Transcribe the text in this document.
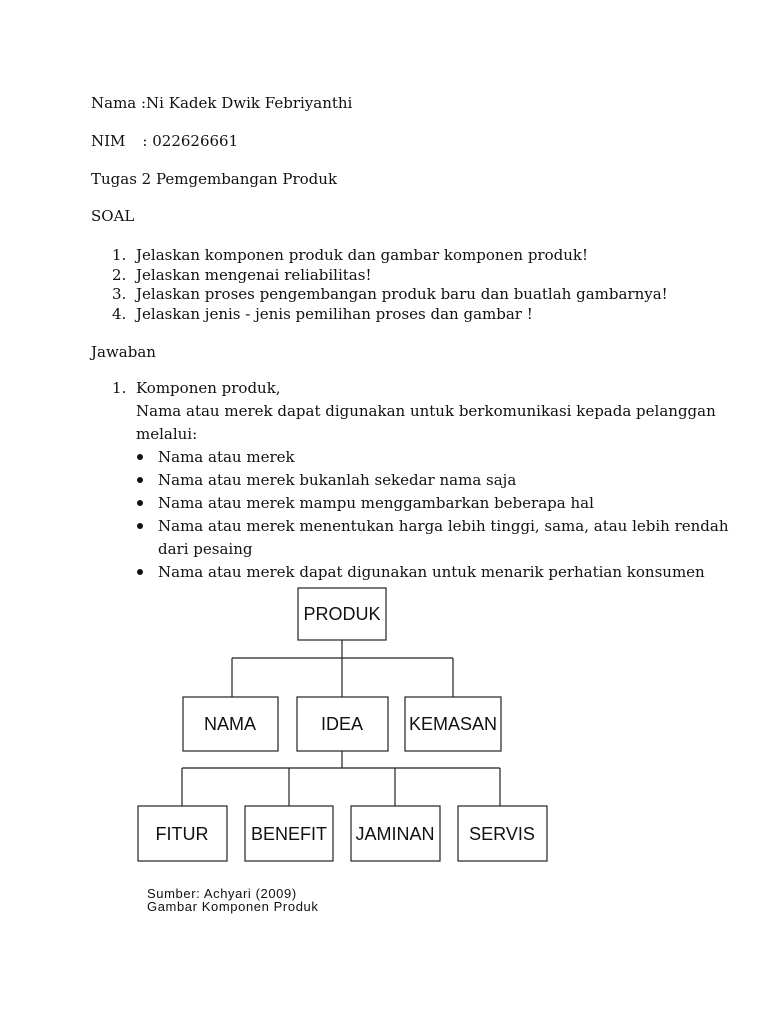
Nama :Ni Kadek Dwik Febriyanthi
NIM : 022626661
Tugas 2 Pemgembangan Produk
SOAL
1. Jelaskan komponen produk dan gambar komponen produk!
2. Jelaskan mengenai reliabilitas!
3. Jelaskan proses pengembangan produk baru dan buatlah gambarnya!
4. Jelaskan jenis - jenis pemilihan proses dan gambar !
Jawaban
1. Komponen produk,
Nama atau merek dapat digunakan untuk berkomunikasi kepada pelanggan
melalui:
Nama atau merek
Nama atau merek bukanlah sekedar nama saja
Nama atau merek mampu menggambarkan beberapa hal
Nama atau merek menentukan harga lebih tinggi, sama, atau lebih rendah
dari pesaing
Nama atau merek dapat digunakan untuk menarik perhatian konsumen
PRODUK
NAMA	IDEA	KEMASAN
FITUR BENEFIT JAMINAN SERVIS
Sumber: Achyari (2009)
Gambar Komponen Produk
